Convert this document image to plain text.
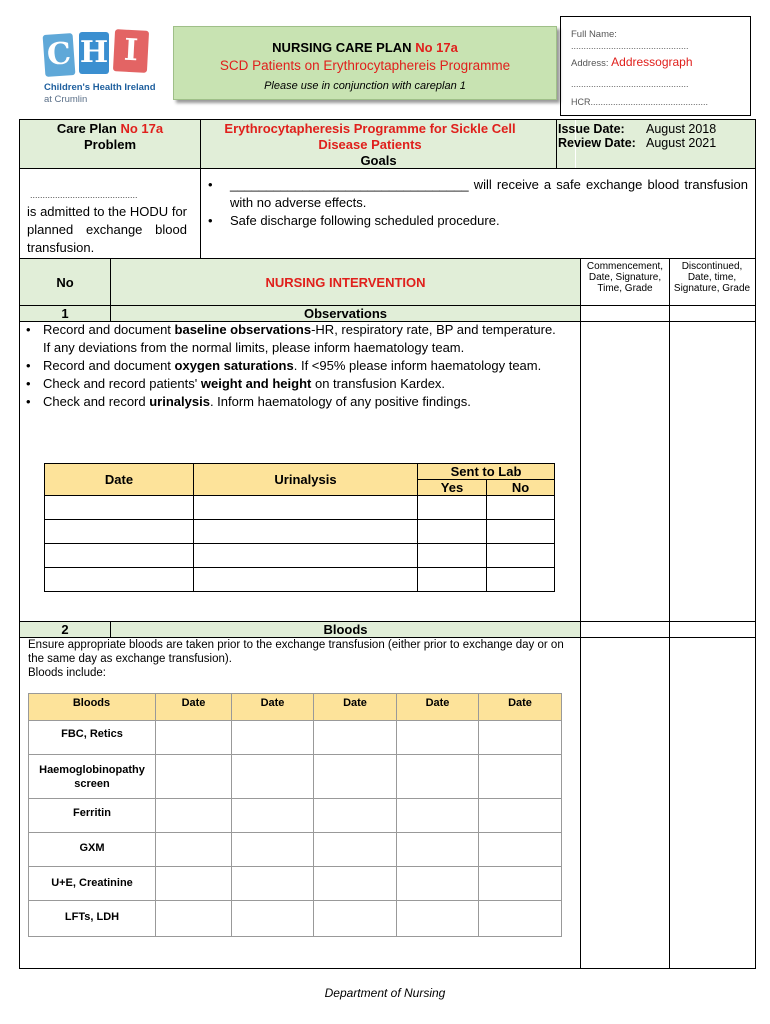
C H I
Children's Health Ireland
at Crumlin
NURSING CARE PLAN No 17a
SCD Patients on Erythrocytapherеis Programme
Please use in conjunction with careplan 1
Full Name:
...............................................
Address: Addressograph
...............................................
HCR...............................................
Care Plan No 17a
Problem
Erythrocytapheresis Programme for Sickle Cell Disease Patients
Goals
Issue Date: August 2018
Review Date: August 2021
...........................................
is admitted to the HODU for planned exchange blood transfusion.
• _________________________________ will receive a safe exchange blood transfusion with no adverse effects.
• Safe discharge following scheduled procedure.
No	NURSING INTERVENTION
Commencement, Date, Signature, Time, Grade
Discontinued, Date, time, Signature, Grade
1	Observations
• Record and document baseline observations-HR, respiratory rate, BP and temperature. If any deviations from the normal limits, please inform haematology team.
• Record and document oxygen saturations. If <95% please inform haematology team.
• Check and record patients' weight and height on transfusion Kardex.
• Check and record urinalysis. Inform haematology of any positive findings.
Date	Urinalysis
Sent to Lab
Yes	No
2	Bloods
Ensure appropriate bloods are taken prior to the exchange transfusion (either prior to exchange day or on the same day as exchange transfusion).
Bloods include:
Bloods	Date	Date	Date	Date	Date
FBC, Retics
Haemoglobinopathy screen
Ferritin
GXM
U+E, Creatinine
LFTs, LDH
Department of Nursing
